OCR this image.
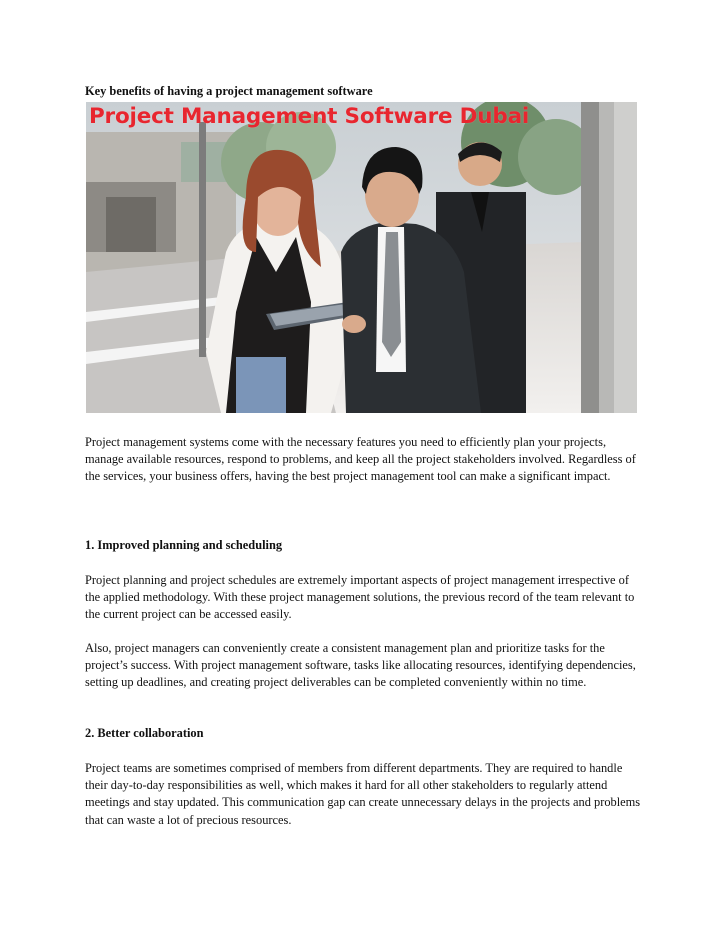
Key benefits of having a project management software

Project Management Software Dubai

Project management systems come with the necessary features you need to efficiently plan your projects, manage available resources, respond to problems, and keep all the project stakeholders involved. Regardless of the services, your business offers, having the best project management tool can make a significant impact.

1. Improved planning and scheduling

Project planning and project schedules are extremely important aspects of project management irrespective of the applied methodology. With these project management solutions, the previous record of the team relevant to the current project can be accessed easily.

Also, project managers can conveniently create a consistent management plan and prioritize tasks for the project’s success. With project management software, tasks like allocating resources, identifying dependencies, setting up deadlines, and creating project deliverables can be completed conveniently within no time.

2. Better collaboration

Project teams are sometimes comprised of members from different departments. They are required to handle their day-to-day responsibilities as well, which makes it hard for all other stakeholders to regularly attend meetings and stay updated. This communication gap can create unnecessary delays in the projects and problems that can waste a lot of precious resources.
